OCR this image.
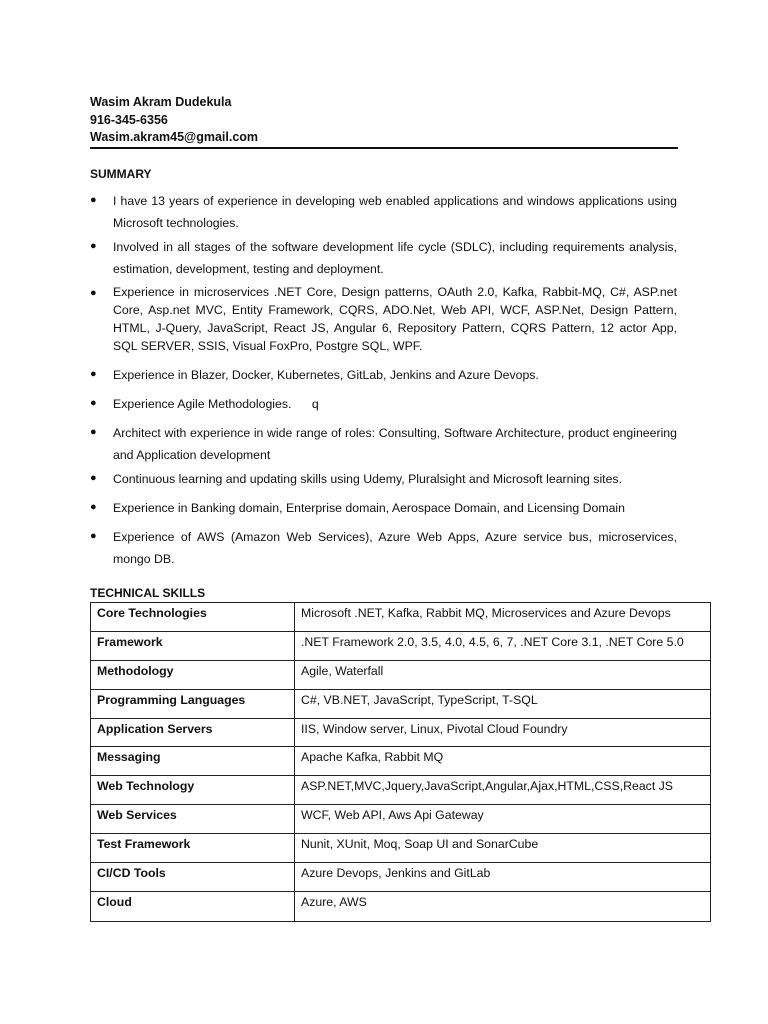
Wasim Akram Dudekula
916-345-6356
Wasim.akram45@gmail.com
SUMMARY
● I have 13 years of experience in developing web enabled applications and windows applications using Microsoft technologies.
● Involved in all stages of the software development life cycle (SDLC), including requirements analysis, estimation, development, testing and deployment.
● Experience in microservices .NET Core, Design patterns, OAuth 2.0, Kafka, Rabbit-MQ, C#, ASP.net Core, Asp.net MVC, Entity Framework, CQRS, ADO.Net, Web API, WCF, ASP.Net, Design Pattern, HTML, J-Query, JavaScript, React JS, Angular 6, Repository Pattern, CQRS Pattern, 12 actor App, SQL SERVER, SSIS, Visual FoxPro, Postgre SQL, WPF.
● Experience in Blazer, Docker, Kubernetes, GitLab, Jenkins and Azure Devops.
● Experience Agile Methodologies.      q
● Architect with experience in wide range of roles: Consulting, Software Architecture, product engineering and Application development
● Continuous learning and updating skills using Udemy, Pluralsight and Microsoft learning sites.
● Experience in Banking domain, Enterprise domain, Aerospace Domain, and Licensing Domain
● Experience of AWS (Amazon Web Services), Azure Web Apps, Azure service bus, microservices, mongo DB.
TECHNICAL SKILLS
Core Technologies	Microsoft .NET, Kafka, Rabbit MQ, Microservices and Azure Devops
Framework	.NET Framework 2.0, 3.5, 4.0, 4.5, 6, 7, .NET Core 3.1, .NET Core 5.0
Methodology	Agile, Waterfall
Programming Languages	C#, VB.NET, JavaScript, TypeScript, T-SQL
Application Servers	IIS, Window server, Linux, Pivotal Cloud Foundry
Messaging	Apache Kafka, Rabbit MQ
Web Technology	ASP.NET,MVC,Jquery,JavaScript,Angular,Ajax,HTML,CSS,React JS
Web Services	WCF, Web API, Aws Api Gateway
Test Framework	Nunit, XUnit, Moq, Soap UI and SonarCube
CI/CD Tools	Azure Devops, Jenkins and GitLab
Cloud	Azure, AWS
